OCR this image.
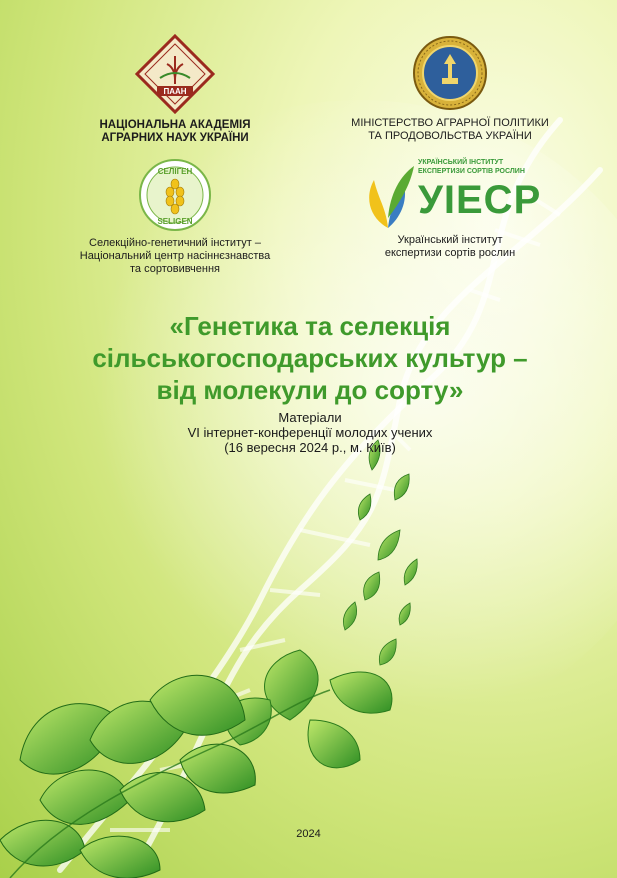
ПААН
НАЦІОНАЛЬНА АКАДЕМІЯ
АГРАРНИХ НАУК УКРАЇНИ
МІНІСТЕРСТВО АГРАРНОЇ ПОЛІТИКИ
ТА ПРОДОВОЛЬСТВА УКРАЇНИ
СЕЛІГЕН
SELIGEN
Селекційно-генетичний інститут –
Національний центр насіннєзнавства
та сортовивчення
УКРАЇНСЬКИЙ ІНСТИТУТ
ЕКСПЕРТИЗИ СОРТІВ РОСЛИН
УІЕСР
Український інститут
експертизи сортів рослин
«Генетика та селекція
сільськогосподарських культур –
від молекули до сорту»
Матеріали
VI інтернет-конференції молодих учених
(16 вересня 2024 р., м. Київ)
2024
